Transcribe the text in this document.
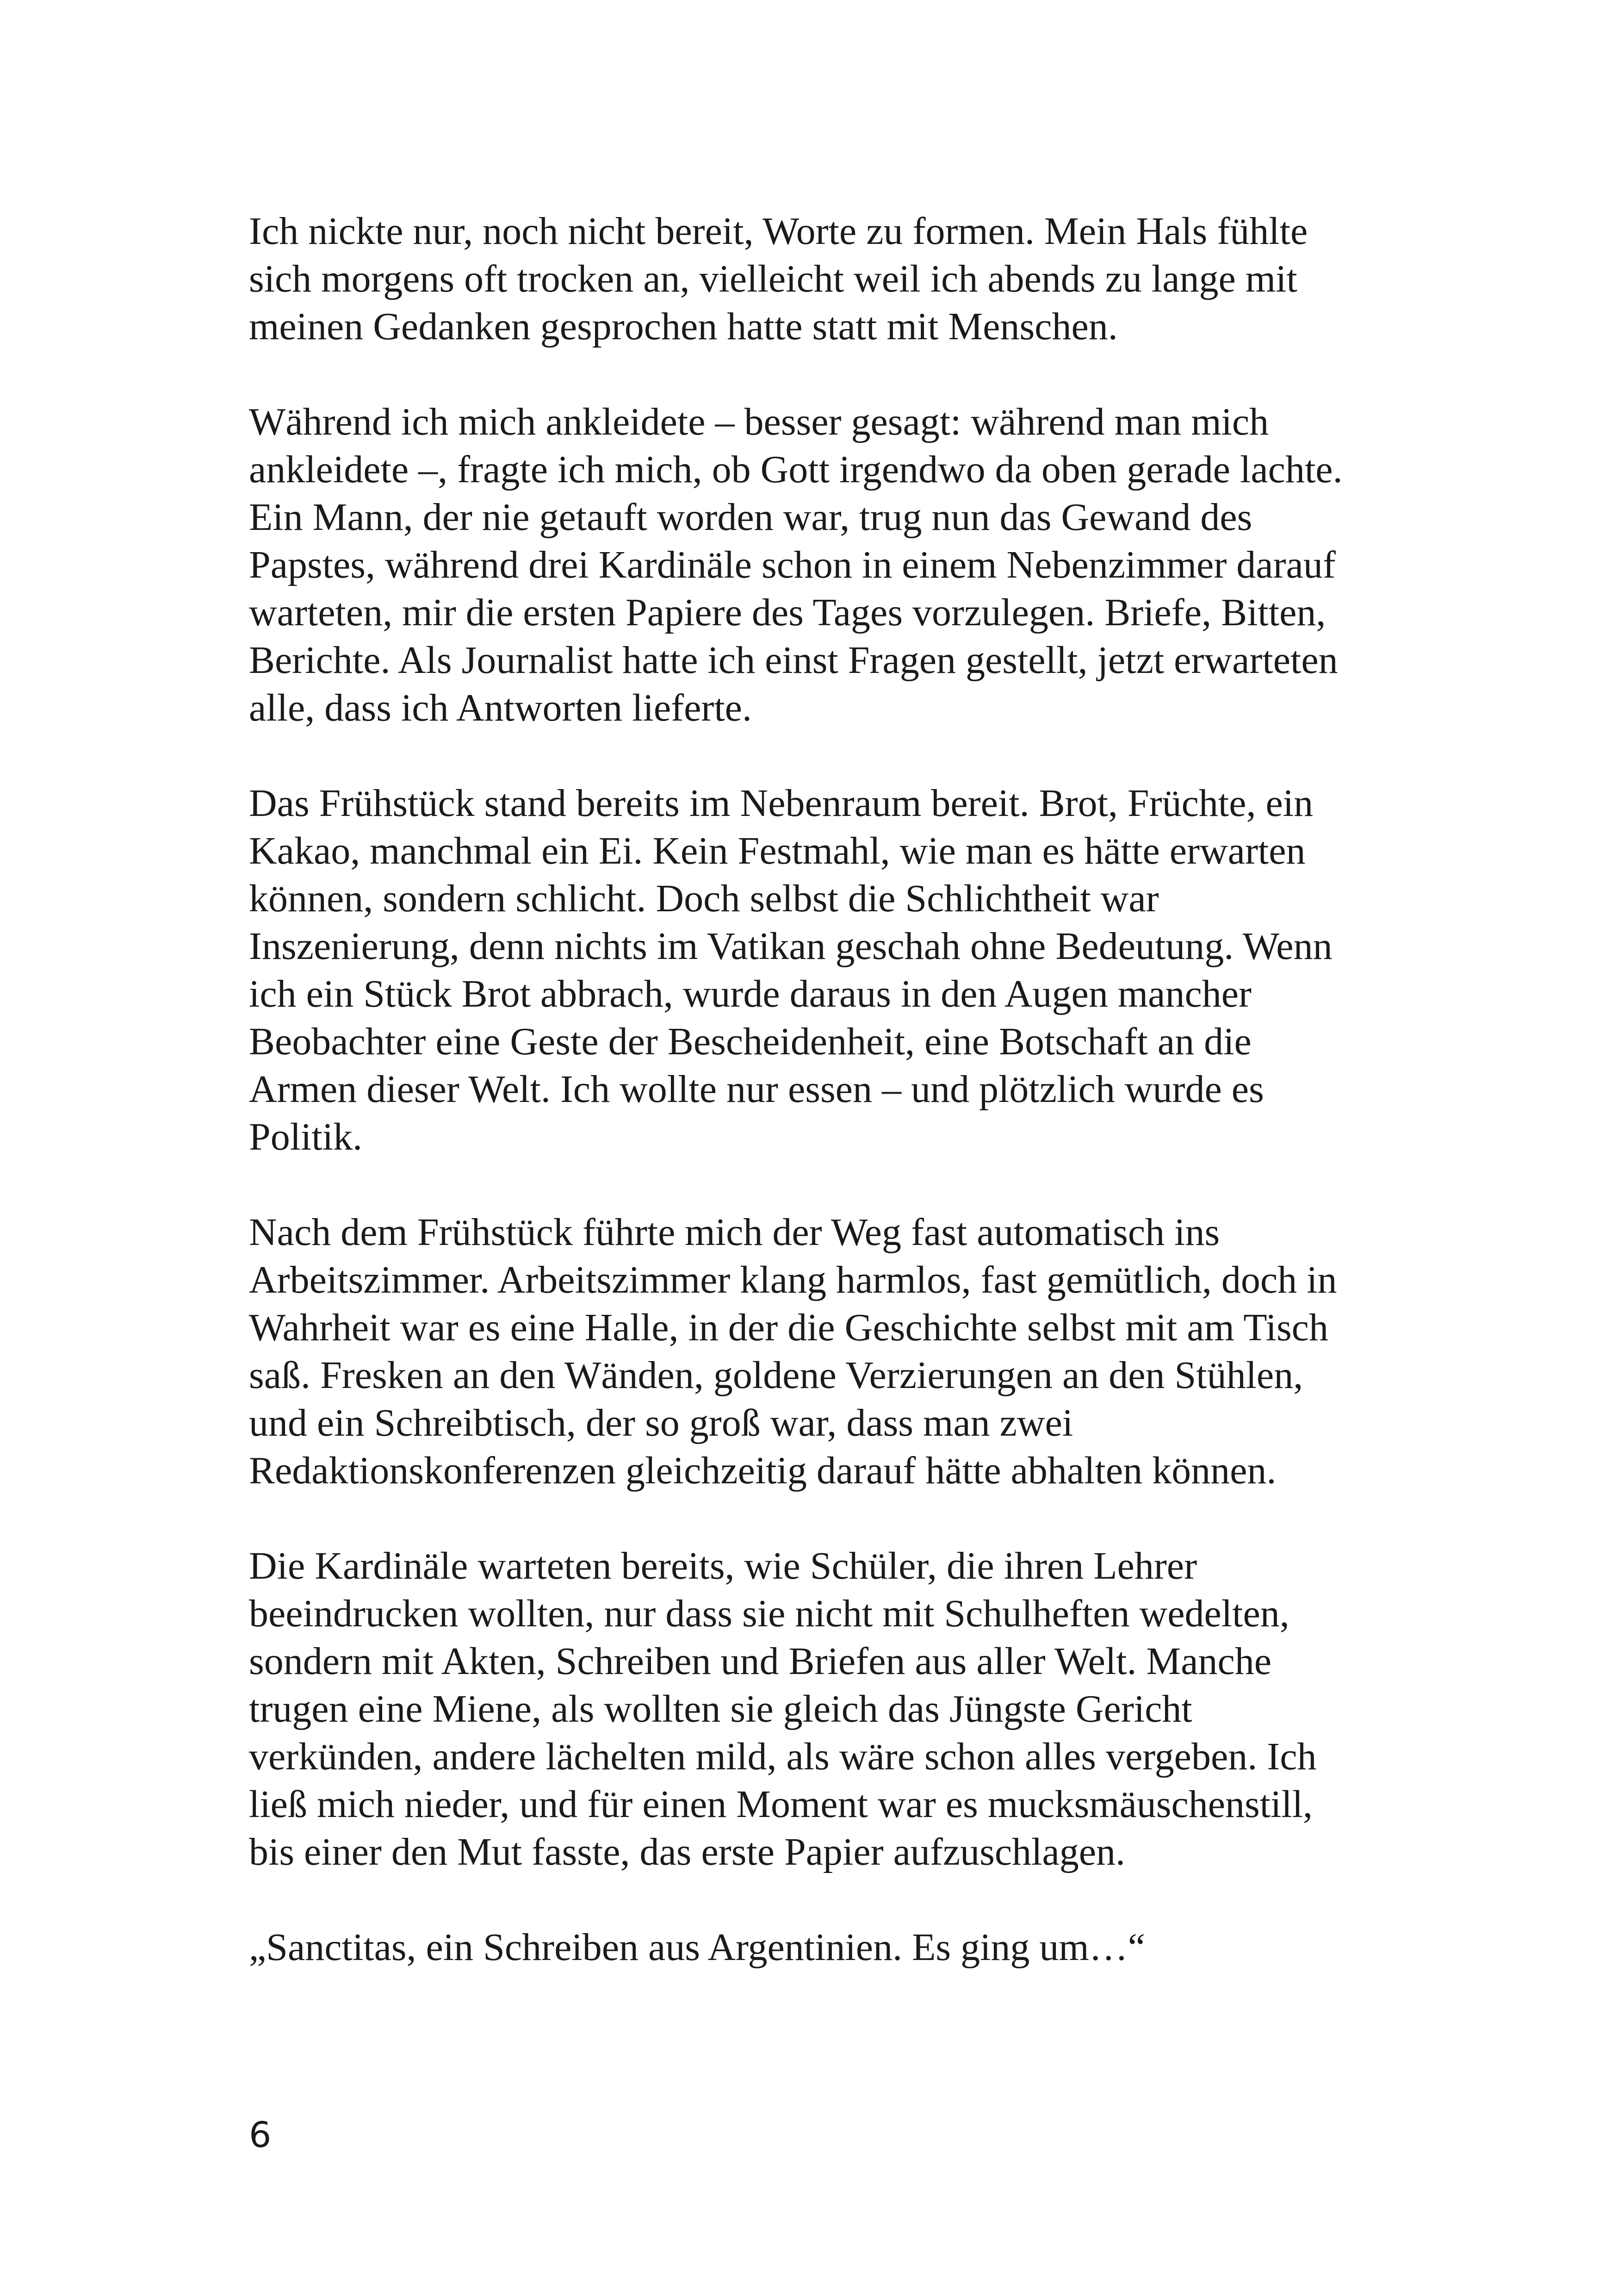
Ich nickte nur, noch nicht bereit, Worte zu formen. Mein Hals fühlte
sich morgens oft trocken an, vielleicht weil ich abends zu lange mit
meinen Gedanken gesprochen hatte statt mit Menschen.

Während ich mich ankleidete – besser gesagt: während man mich
ankleidete –, fragte ich mich, ob Gott irgendwo da oben gerade lachte.
Ein Mann, der nie getauft worden war, trug nun das Gewand des
Papstes, während drei Kardinäle schon in einem Nebenzimmer darauf
warteten, mir die ersten Papiere des Tages vorzulegen. Briefe, Bitten,
Berichte. Als Journalist hatte ich einst Fragen gestellt, jetzt erwarteten
alle, dass ich Antworten lieferte.

Das Frühstück stand bereits im Nebenraum bereit. Brot, Früchte, ein
Kakao, manchmal ein Ei. Kein Festmahl, wie man es hätte erwarten
können, sondern schlicht. Doch selbst die Schlichtheit war
Inszenierung, denn nichts im Vatikan geschah ohne Bedeutung. Wenn
ich ein Stück Brot abbrach, wurde daraus in den Augen mancher
Beobachter eine Geste der Bescheidenheit, eine Botschaft an die
Armen dieser Welt. Ich wollte nur essen – und plötzlich wurde es
Politik.

Nach dem Frühstück führte mich der Weg fast automatisch ins
Arbeitszimmer. Arbeitszimmer klang harmlos, fast gemütlich, doch in
Wahrheit war es eine Halle, in der die Geschichte selbst mit am Tisch
saß. Fresken an den Wänden, goldene Verzierungen an den Stühlen,
und ein Schreibtisch, der so groß war, dass man zwei
Redaktionskonferenzen gleichzeitig darauf hätte abhalten können.

Die Kardinäle warteten bereits, wie Schüler, die ihren Lehrer
beeindrucken wollten, nur dass sie nicht mit Schulheften wedelten,
sondern mit Akten, Schreiben und Briefen aus aller Welt. Manche
trugen eine Miene, als wollten sie gleich das Jüngste Gericht
verkünden, andere lächelten mild, als wäre schon alles vergeben. Ich
ließ mich nieder, und für einen Moment war es mucksmäuschenstill,
bis einer den Mut fasste, das erste Papier aufzuschlagen.

„Sanctitas, ein Schreiben aus Argentinien. Es ging um…“

6
